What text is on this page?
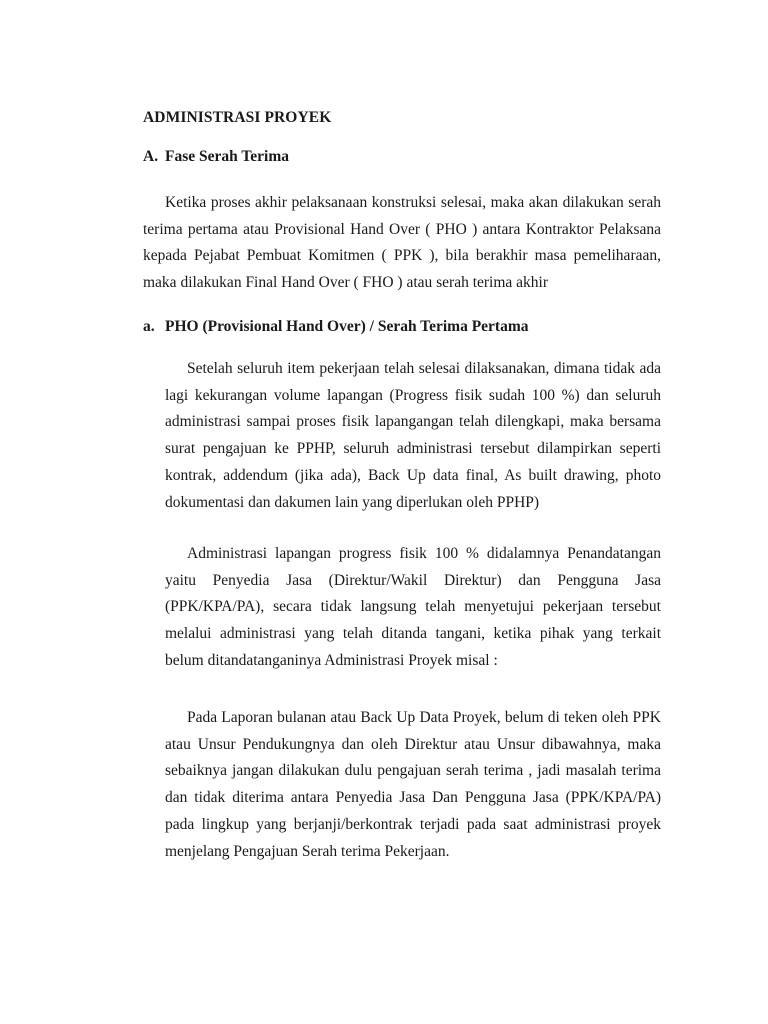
ADMINISTRASI PROYEK
A. Fase Serah Terima

Ketika proses akhir pelaksanaan konstruksi selesai, maka akan dilakukan serah terima pertama atau Provisional Hand Over ( PHO ) antara Kontraktor Pelaksana kepada Pejabat Pembuat Komitmen ( PPK ), bila berakhir masa pemeliharaan, maka dilakukan Final Hand Over ( FHO ) atau serah terima akhir

a. PHO (Provisional Hand Over) / Serah Terima Pertama

Setelah seluruh item pekerjaan telah selesai dilaksanakan, dimana tidak ada lagi kekurangan volume lapangan (Progress fisik sudah 100 %) dan seluruh administrasi sampai proses fisik lapangangan telah dilengkapi, maka bersama surat pengajuan ke PPHP, seluruh administrasi tersebut dilampirkan seperti kontrak, addendum (jika ada), Back Up data final, As built drawing, photo dokumentasi dan dakumen lain yang diperlukan oleh PPHP)

Administrasi lapangan progress fisik 100 % didalamnya Penandatangan yaitu Penyedia Jasa (Direktur/Wakil Direktur) dan Pengguna Jasa (PPK/KPA/PA), secara tidak langsung telah menyetujui pekerjaan tersebut melalui administrasi yang telah ditanda tangani, ketika pihak yang terkait belum ditandatanganinya Administrasi Proyek misal :

Pada Laporan bulanan atau Back Up Data Proyek, belum di teken oleh PPK atau Unsur Pendukungnya dan oleh Direktur atau Unsur dibawahnya, maka sebaiknya jangan dilakukan dulu pengajuan serah terima , jadi masalah terima dan tidak diterima antara Penyedia Jasa Dan Pengguna Jasa (PPK/KPA/PA) pada lingkup yang berjanji/berkontrak terjadi pada saat administrasi proyek menjelang Pengajuan Serah terima Pekerjaan.
